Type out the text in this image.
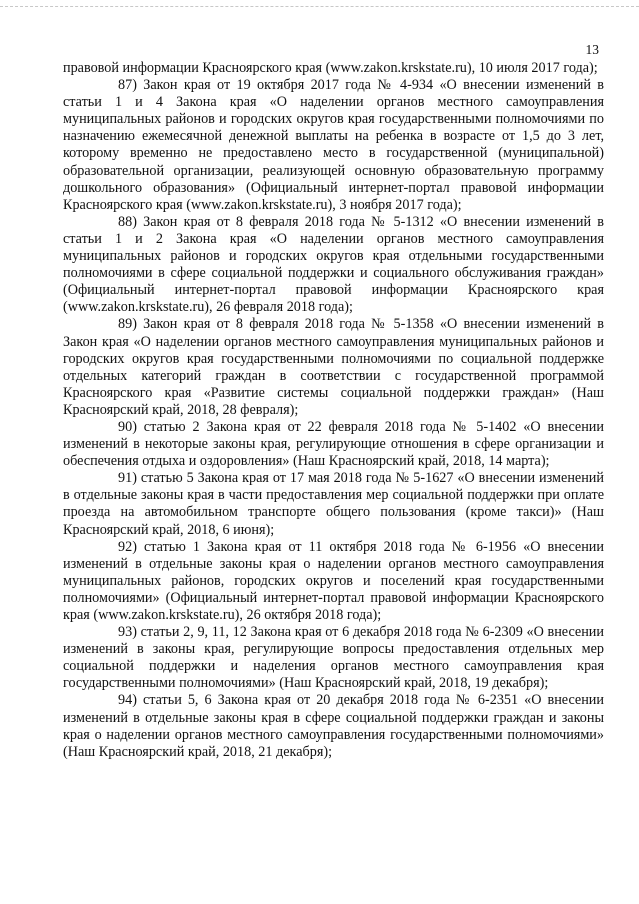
13

правовой информации Красноярского края (www.zakon.krskstate.ru), 10 июля 2017 года);

87) Закон края от 19 октября 2017 года № 4-934 «О внесении изменений в статьи 1 и 4 Закона края «О наделении органов местного самоуправления муниципальных районов и городских округов края государственными полномочиями по назначению ежемесячной денежной выплаты на ребенка в возрасте от 1,5 до 3 лет, которому временно не предоставлено место в государственной (муниципальной) образовательной организации, реализующей основную образовательную программу дошкольного образования» (Официальный интернет-портал правовой информации Красноярского края (www.zakon.krskstate.ru), 3 ноября 2017 года);

88) Закон края от 8 февраля 2018 года № 5-1312 «О внесении изменений в статьи 1 и 2 Закона края «О наделении органов местного самоуправления муниципальных районов и городских округов края отдельными государственными полномочиями в сфере социальной поддержки и социального обслуживания граждан» (Официальный интернет-портал правовой информации Красноярского края (www.zakon.krskstate.ru), 26 февраля 2018 года);

89) Закон края от 8 февраля 2018 года № 5-1358 «О внесении изменений в Закон края «О наделении органов местного самоуправления муниципальных районов и городских округов края государственными полномочиями по социальной поддержке отдельных категорий граждан в соответствии с государственной программой Красноярского края «Развитие системы социальной поддержки граждан» (Наш Красноярский край, 2018, 28 февраля);

90) статью 2 Закона края от 22 февраля 2018 года № 5-1402 «О внесении изменений в некоторые законы края, регулирующие отношения в сфере организации и обеспечения отдыха и оздоровления» (Наш Красноярский край, 2018, 14 марта);

91) статью 5 Закона края от 17 мая 2018 года № 5-1627 «О внесении изменений в отдельные законы края в части предоставления мер социальной поддержки при оплате проезда на автомобильном транспорте общего пользования (кроме такси)» (Наш Красноярский край, 2018, 6 июня);

92) статью 1 Закона края от 11 октября 2018 года № 6-1956 «О внесении изменений в отдельные законы края о наделении органов местного самоуправления муниципальных районов, городских округов и поселений края государственными полномочиями» (Официальный интернет-портал правовой информации Красноярского края (www.zakon.krskstate.ru), 26 октября 2018 года);

93) статьи 2, 9, 11, 12 Закона края от 6 декабря 2018 года № 6-2309 «О внесении изменений в законы края, регулирующие вопросы предоставления отдельных мер социальной поддержки и наделения органов местного самоуправления края государственными полномочиями» (Наш Красноярский край, 2018, 19 декабря);

94) статьи 5, 6 Закона края от 20 декабря 2018 года № 6-2351 «О внесении изменений в отдельные законы края в сфере социальной поддержки граждан и законы края о наделении органов местного самоуправления государственными полномочиями» (Наш Красноярский край, 2018, 21 декабря);
